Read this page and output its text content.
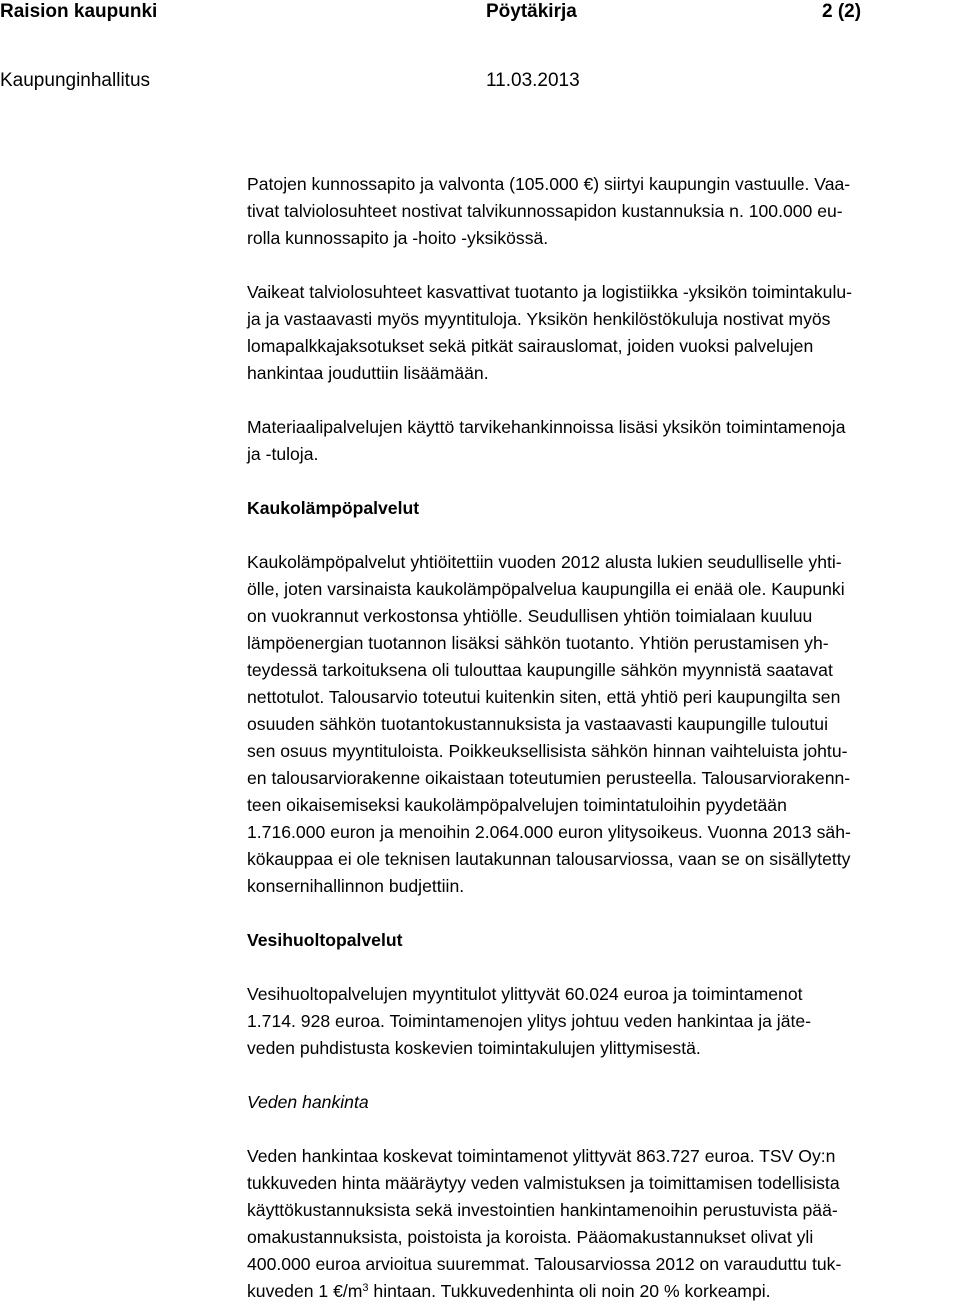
Raision kaupunki	Pöytäkirja	2 (2)
Kaupunginhallitus	11.03.2013

Patojen kunnossapito ja valvonta (105.000 €) siirtyi kaupungin vastuulle. Vaa-
tivat talviolosuhteet nostivat talvikunnossapidon kustannuksia n. 100.000 eu-
rolla kunnossapito ja -hoito -yksikössä.

Vaikeat talviolosuhteet kasvattivat tuotanto ja logistiikka -yksikön toimintakulu-
ja ja vastaavasti myös myyntituloja. Yksikön henkilöstökuluja nostivat myös
lomapalkkajaksotukset sekä pitkät sairauslomat, joiden vuoksi palvelujen
hankintaa jouduttiin lisäämään.

Materiaalipalvelujen käyttö tarvikehankinnoissa lisäsi yksikön toimintamenoja
ja -tuloja.

Kaukolämpöpalvelut

Kaukolämpöpalvelut yhtiöitettiin vuoden 2012 alusta lukien seudulliselle yhti-
ölle, joten varsinaista kaukolämpöpalvelua kaupungilla ei enää ole. Kaupunki
on vuokrannut verkostonsa yhtiölle. Seudullisen yhtiön toimialaan kuuluu
lämpöenergian tuotannon lisäksi sähkön tuotanto. Yhtiön perustamisen yh-
teydessä tarkoituksena oli tulouttaa kaupungille sähkön myynnistä saatavat
nettotulot. Talousarvio toteutui kuitenkin siten, että yhtiö peri kaupungilta sen
osuuden sähkön tuotantokustannuksista ja vastaavasti kaupungille tuloutui
sen osuus myyntituloista. Poikkeuksellisista sähkön hinnan vaihteluista johtu-
en talousarviorakenne oikaistaan toteutumien perusteella. Talousarviorakenn-
teen oikaisemiseksi kaukolämpöpalvelujen toimintatuloihin pyydetään
1.716.000 euron ja menoihin 2.064.000 euron ylitysoikeus. Vuonna 2013 säh-
kökauppaa ei ole teknisen lautakunnan talousarviossa, vaan se on sisällytetty
konsernihallinnon budjettiin.

Vesihuoltopalvelut

Vesihuoltopalvelujen myyntitulot ylittyvät 60.024 euroa ja toimintamenot
1.714. 928 euroa. Toimintamenojen ylitys johtuu veden hankintaa ja jäte-
veden puhdistusta koskevien toimintakulujen ylittymisestä.

Veden hankinta

Veden hankintaa koskevat toimintamenot ylittyvät 863.727 euroa. TSV Oy:n
tukkuveden hinta määräytyy veden valmistuksen ja toimittamisen todellisista
käyttökustannuksista sekä investointien hankintamenoihin perustuvista pää-
omakustannuksista, poistoista ja koroista. Pääomakustannukset olivat yli
400.000 euroa arvioitua suuremmat. Talousarviossa 2012 on varauduttu tuk-
kuveden 1 $€/m^3$ hintaan. Tukkuvedenhinta oli noin 20 % korkeampi.
